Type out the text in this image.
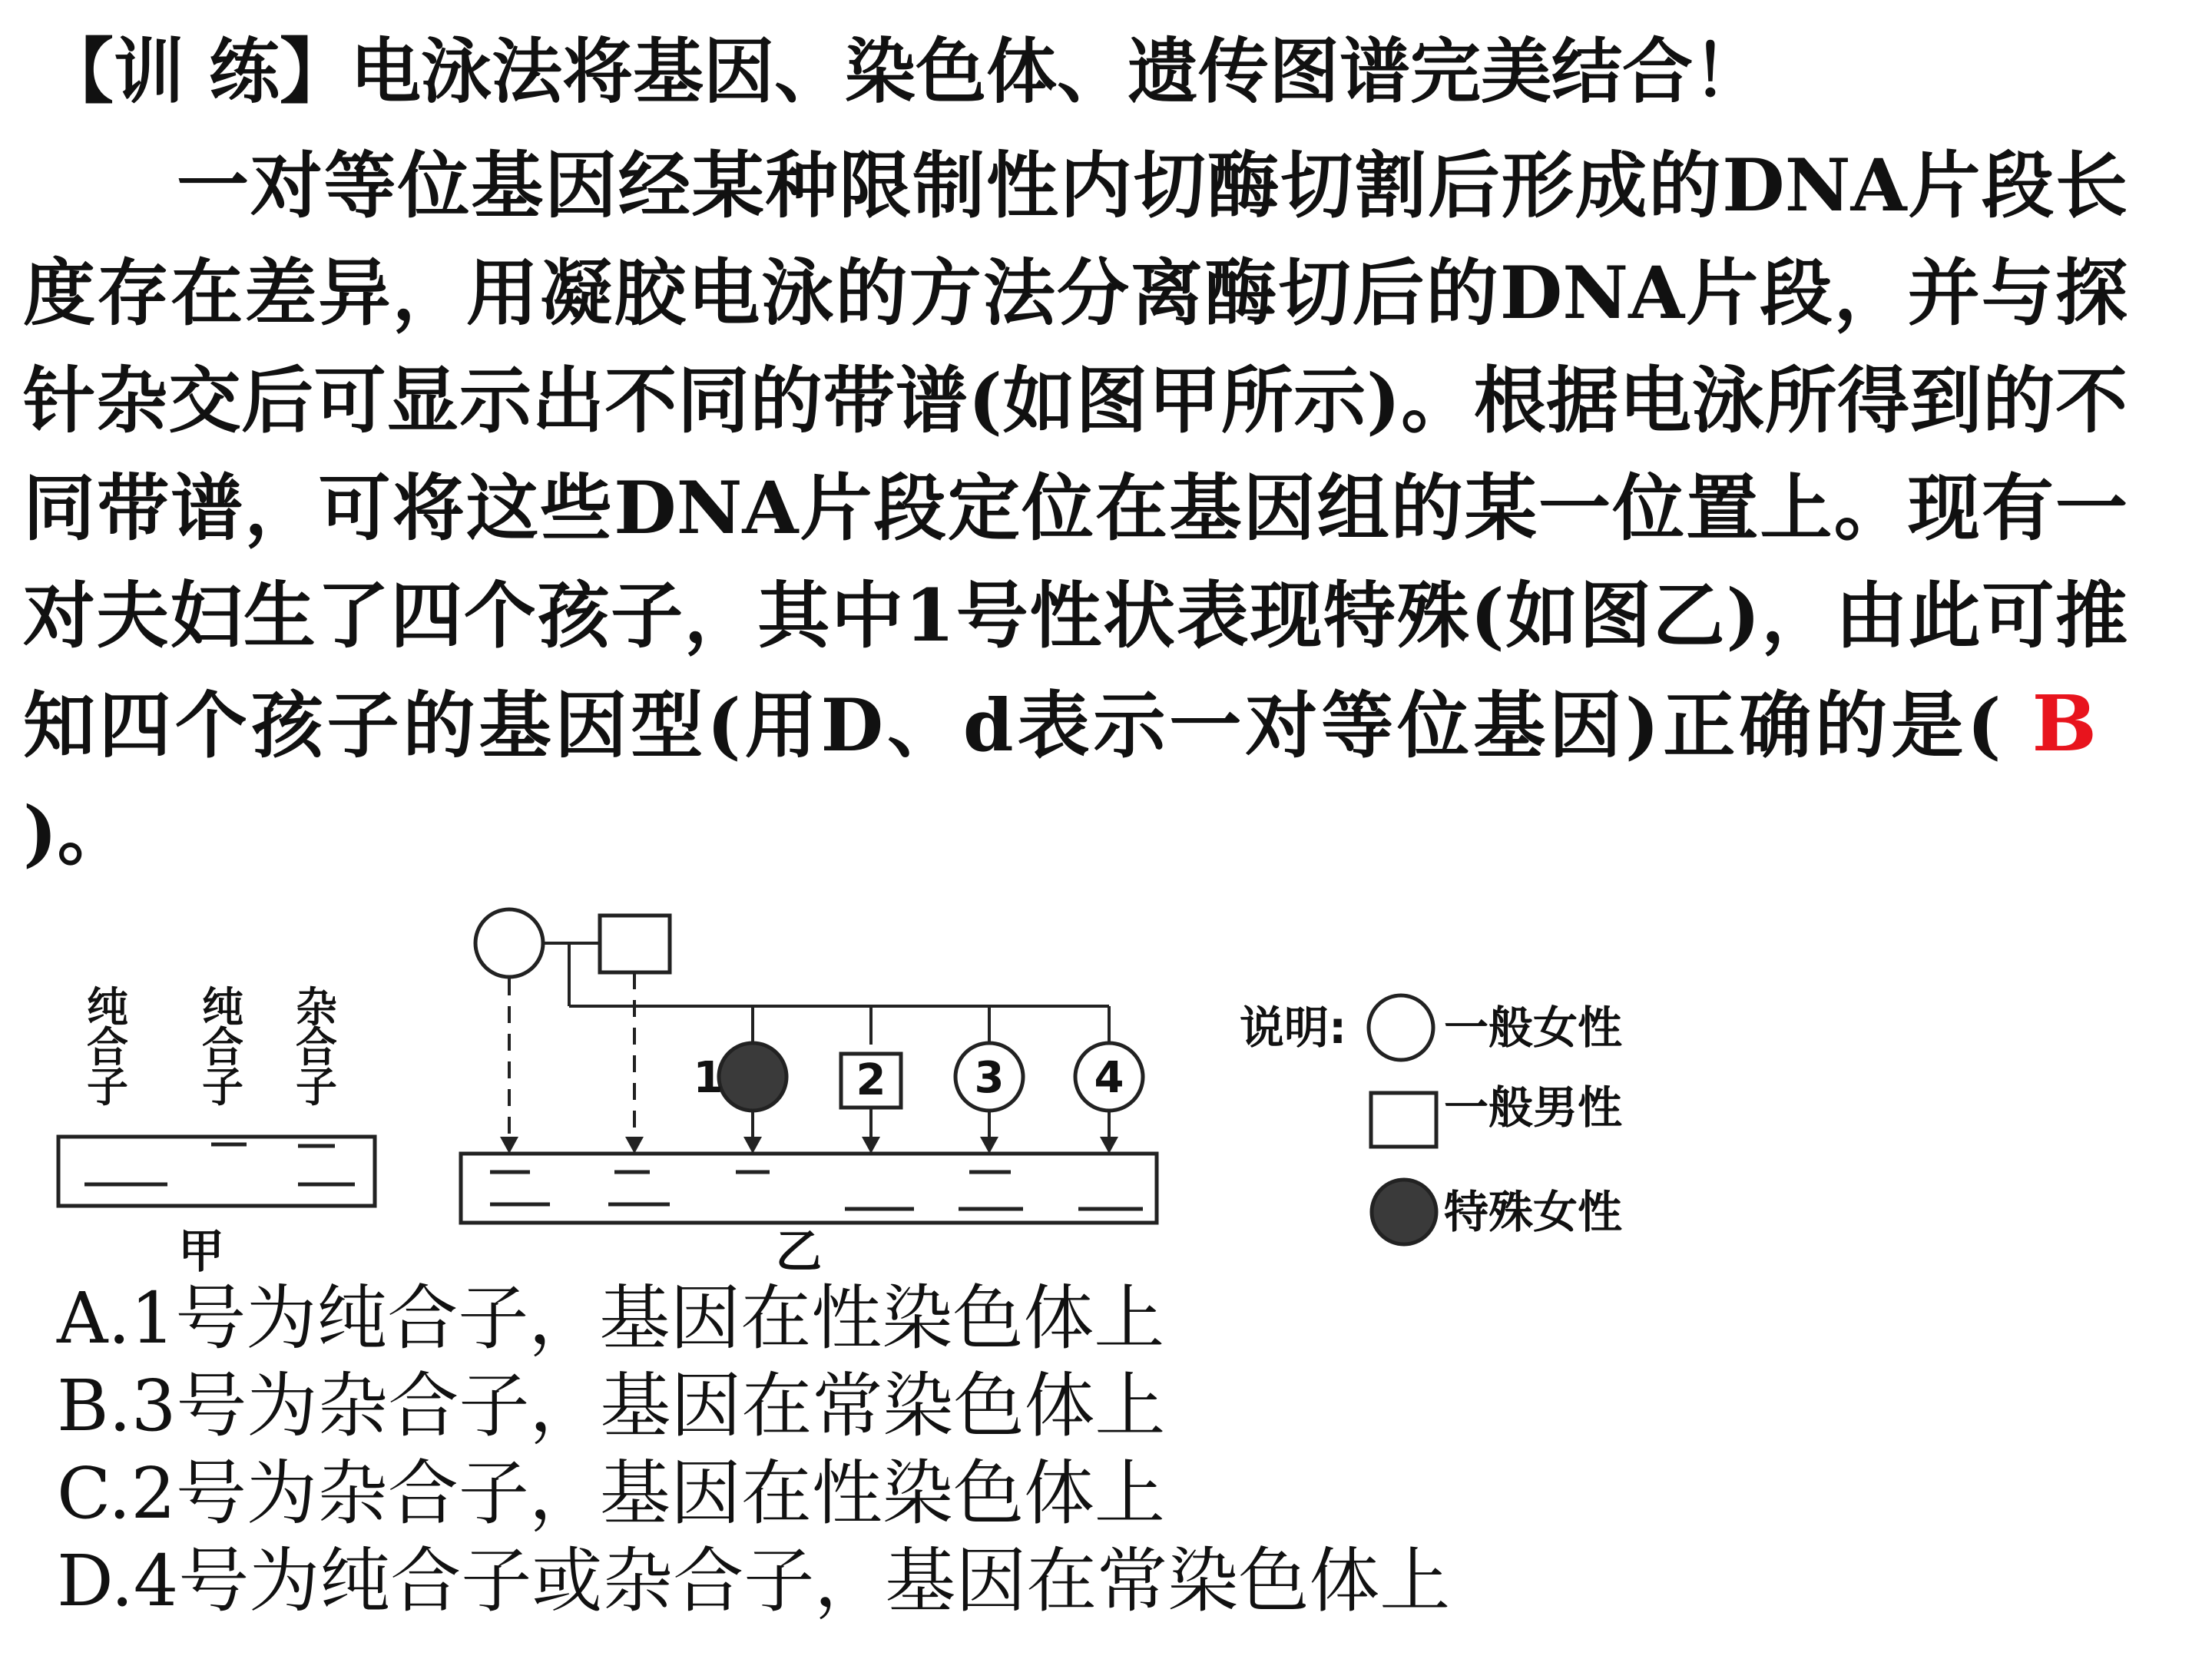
【训 练】电泳法将基因、染色体、遗传图谱完美结合！
一对等位基因经某种限制性内切酶切割后形成的DNA片段长度存在差异，用凝胶电泳的方法分离酶切后的DNA片段，并与探针杂交后可显示出不同的带谱(如图甲所示)。根据电泳所得到的不同带谱，可将这些DNA片段定位在基因组的某一位置上。现有一对夫妇生了四个孩子，其中1号性状表现特殊(如图乙)，由此可推知四个孩子的基因型(用D、d表示一对等位基因)正确的是( B)。
纯
合
子
纯
合
子
杂
合
子
甲	乙
1	2 3 4
说明: 一般女性
一般男性
特殊女性
A.1号为纯合子，基因在性染色体上
B.3号为杂合子，基因在常染色体上
C.2号为杂合子，基因在性染色体上
D.4号为纯合子或杂合子，基因在常染色体上
